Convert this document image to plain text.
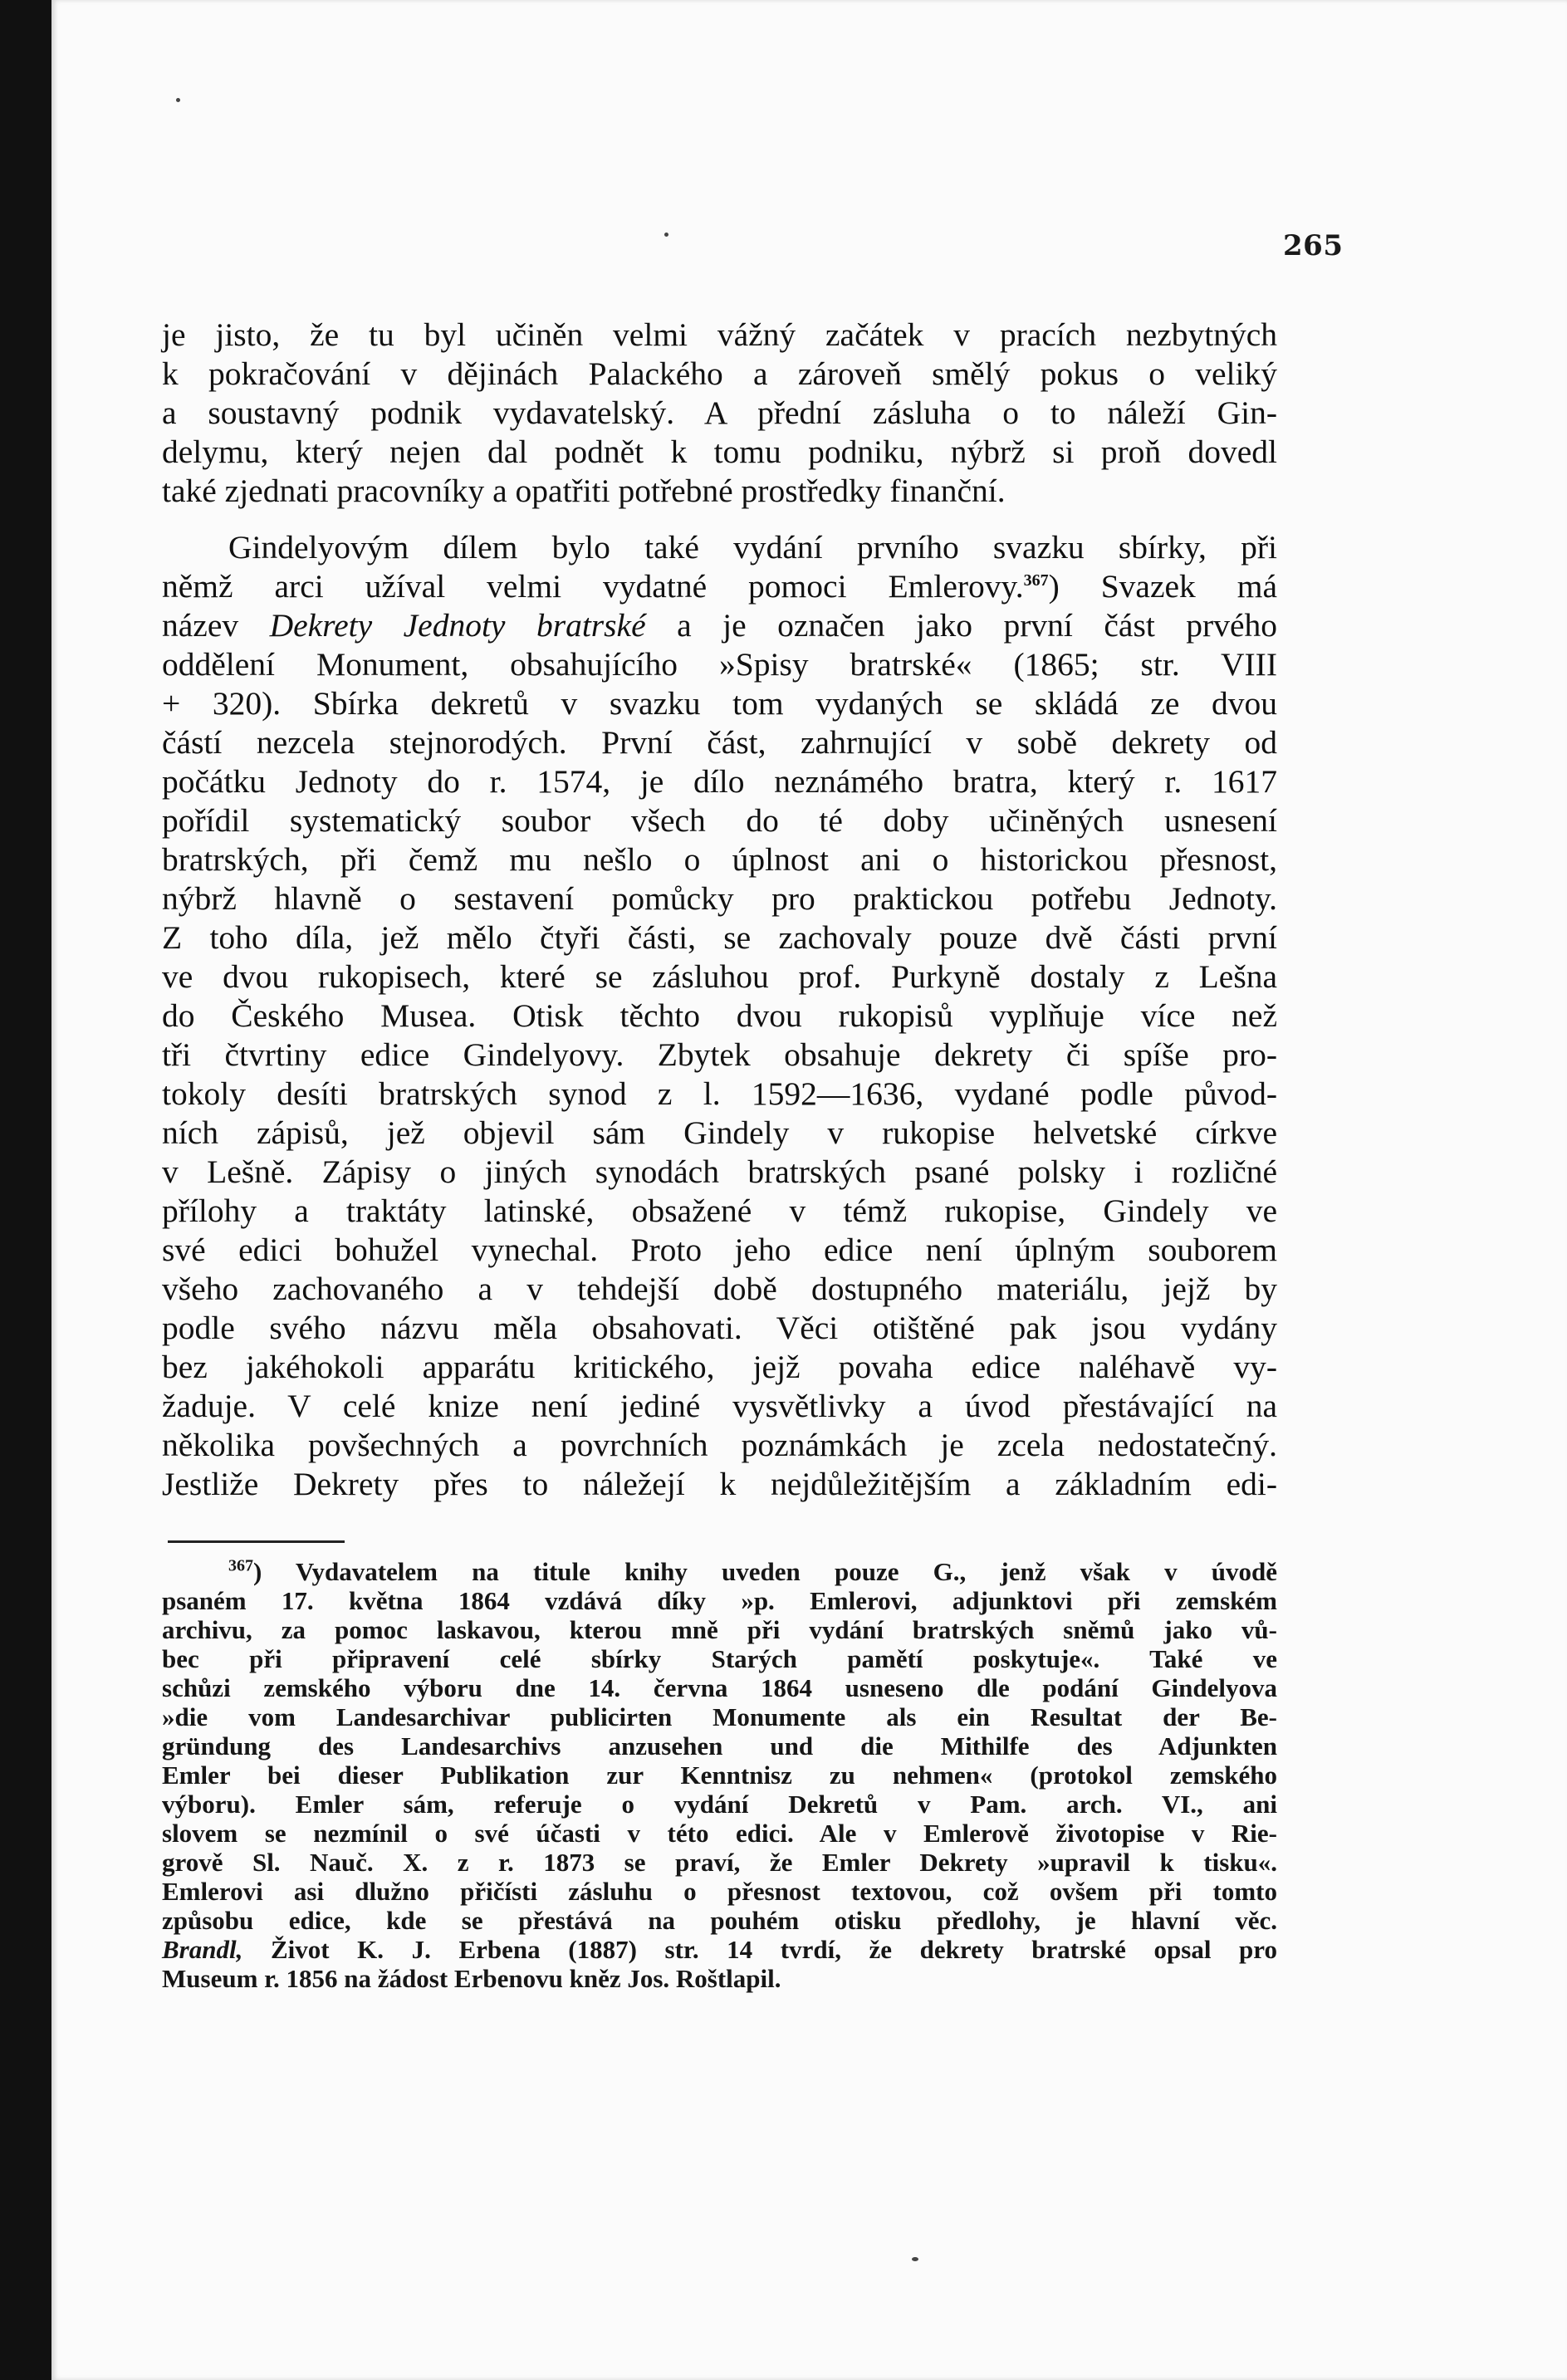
265
je jisto, že tu byl učiněn velmi vážný začátek v pracích nezbytných
k pokračování v dějinách Palackého a zároveň smělý pokus o veliký
a soustavný podnik vydavatelský. A přední zásluha o to náleží Gin-
delymu, který nejen dal podnět k tomu podniku, nýbrž si proň dovedl
také zjednati pracovníky a opatřiti potřebné prostředky finanční.
Gindelyovým dílem bylo také vydání prvního svazku sbírky, při
němž arci užíval velmi vydatné pomoci Emlerovy.$^{367}$) Svazek má
název Dekrety Jednoty bratrské a je označen jako první část prvého
oddělení Monument, obsahujícího »Spisy bratrské« (1865; str. VIII
+ 320). Sbírka dekretů v svazku tom vydaných se skládá ze dvou
částí nezcela stejnorodých. První část, zahrnující v sobě dekrety od
počátku Jednoty do r. 1574, je dílo neznámého bratra, který r. 1617
pořídil systematický soubor všech do té doby učiněných usnesení
bratrských, při čemž mu nešlo o úplnost ani o historickou přesnost,
nýbrž hlavně o sestavení pomůcky pro praktickou potřebu Jednoty.
Z toho díla, jež mělo čtyři části, se zachovaly pouze dvě části první
ve dvou rukopisech, které se zásluhou prof. Purkyně dostaly z Lešna
do Českého Musea. Otisk těchto dvou rukopisů vyplňuje více než
tři čtvrtiny edice Gindelyovy. Zbytek obsahuje dekrety či spíše pro-
tokoly desíti bratrských synod z l. 1592—1636, vydané podle původ-
ních zápisů, jež objevil sám Gindely v rukopise helvetské církve
v Lešně. Zápisy o jiných synodách bratrských psané polsky i rozličné
přílohy a traktáty latinské, obsažené v témž rukopise, Gindely ve
své edici bohužel vynechal. Proto jeho edice není úplným souborem
všeho zachovaného a v tehdejší době dostupného materiálu, jejž by
podle svého názvu měla obsahovati. Věci otištěné pak jsou vydány
bez jakéhokoli apparátu kritického, jejž povaha edice naléhavě vy-
žaduje. V celé knize není jediné vysvětlivky a úvod přestávající na
několika povšechných a povrchních poznámkách je zcela nedostatečný.
Jestliže Dekrety přes to náležejí k nejdůležitějším a základním edi-
$^{367}$) Vydavatelem na titule knihy uveden pouze G., jenž však v úvodě
psaném 17. května 1864 vzdává díky »p. Emlerovi, adjunktovi při zemském
archivu, za pomoc laskavou, kterou mně při vydání bratrských sněmů jako vů-
bec při připravení celé sbírky Starých pamětí poskytuje«. Také ve
schůzi zemského výboru dne 14. června 1864 usneseno dle podání Gindelyova
»die vom Landesarchivar publicirten Monumente als ein Resultat der Be-
gründung des Landesarchivs anzusehen und die Mithilfe des Adjunkten
Emler bei dieser Publikation zur Kenntnisz zu nehmen« (protokol zemského
výboru). Emler sám, referuje o vydání Dekretů v Pam. arch. VI., ani
slovem se nezmínil o své účasti v této edici. Ale v Emlerově životopise v Rie-
grově Sl. Nauč. X. z r. 1873 se praví, že Emler Dekrety »upravil k tisku«.
Emlerovi asi dlužno přičísti zásluhu o přesnost textovou, což ovšem při tomto
způsobu edice, kde se přestává na pouhém otisku předlohy, je hlavní věc.
Brandl, Život K. J. Erbena (1887) str. 14 tvrdí, že dekrety bratrské opsal pro
Museum r. 1856 na žádost Erbenovu kněz Jos. Roštlapil.
